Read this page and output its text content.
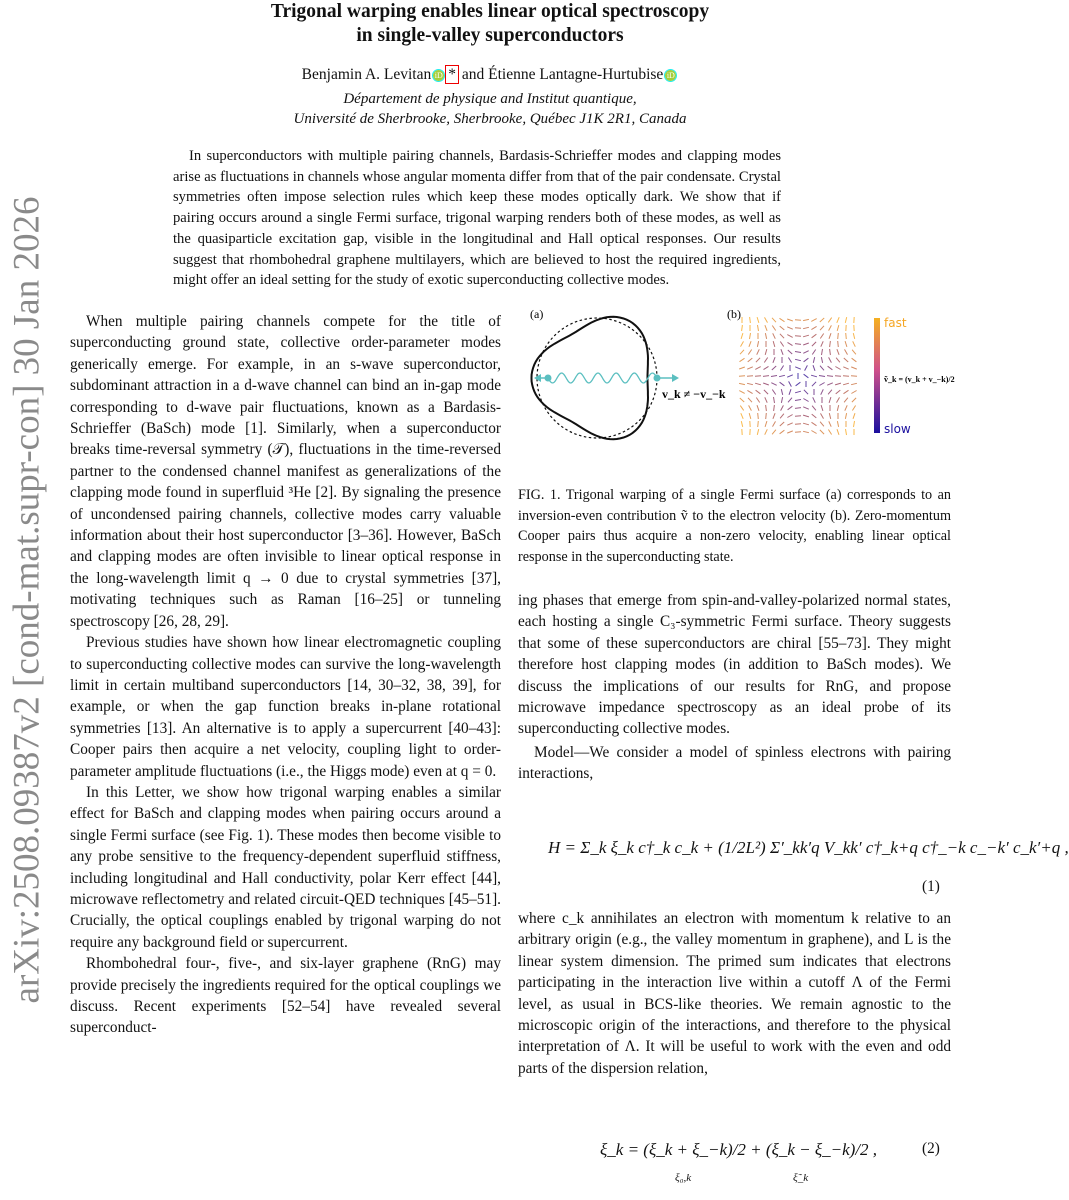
arXiv:2508.09387v2 [cond-mat.supr-con] 30 Jan 2026
Trigonal warping enables linear optical spectroscopy
in single-valley superconductors
Benjamin A. Levitan iD * and Étienne Lantagne-Hurtubise iD
Département de physique and Institut quantique,
Université de Sherbrooke, Sherbrooke, Québec J1K 2R1, Canada
In superconductors with multiple pairing channels, Bardasis-Schrieffer modes and clapping modes arise as fluctuations in channels whose angular momenta differ from that of the pair condensate. Crystal symmetries often impose selection rules which keep these modes optically dark. We show that if pairing occurs around a single Fermi surface, trigonal warping renders both of these modes, as well as the quasiparticle excitation gap, visible in the longitudinal and Hall optical responses. Our results suggest that rhombohedral graphene multilayers, which are believed to host the required ingredients, might offer an ideal setting for the study of exotic superconducting collective modes.

When multiple pairing channels compete for the title of superconducting ground state, collective order-parameter modes generically emerge. For example, in an s-wave superconductor, subdominant attraction in a d-wave channel can bind an in-gap mode corresponding to d-wave pair fluctuations, known as a Bardasis-Schrieffer (BaSch) mode [1]. Similarly, when a superconductor breaks time-reversal symmetry (𝒯), fluctuations in the time-reversed partner to the condensed channel manifest as generalizations of the clapping mode found in superfluid ³He [2]. By signaling the presence of uncondensed pairing channels, collective modes carry valuable information about their host superconductor [3–36]. However, BaSch and clapping modes are often invisible to linear optical response in the long-wavelength limit q → 0 due to crystal symmetries [37], motivating techniques such as Raman [16–25] or tunneling spectroscopy [26, 28, 29].

Previous studies have shown how linear electromagnetic coupling to superconducting collective modes can survive the long-wavelength limit in certain multiband superconductors [14, 30–32, 38, 39], for example, or when the gap function breaks in-plane rotational symmetries [13]. An alternative is to apply a supercurrent [40–43]: Cooper pairs then acquire a net velocity, coupling light to order-parameter amplitude fluctuations (i.e., the Higgs mode) even at q = 0.

In this Letter, we show how trigonal warping enables a similar effect for BaSch and clapping modes when pairing occurs around a single Fermi surface (see Fig. 1). These modes then become visible to any probe sensitive to the frequency-dependent superfluid stiffness, including longitudinal and Hall conductivity, polar Kerr effect [44], microwave reflectometry and related circuit-QED techniques [45–51]. Crucially, the optical couplings enabled by trigonal warping do not require any background field or supercurrent.

Rhombohedral four-, five-, and six-layer graphene (RnG) may provide precisely the ingredients required for the optical couplings we discuss. Recent experiments [52–54] have revealed several superconduct-

(a)
v_k ≠ −v_−k
(b)
fast
slow
ṽ_k = (v_k + v_−k)/2
FIG. 1. Trigonal warping of a single Fermi surface (a) corresponds to an inversion-even contribution ṽ to the electron velocity (b). Zero-momentum Cooper pairs thus acquire a non-zero velocity, enabling linear optical response in the superconducting state.

ing phases that emerge from spin-and-valley-polarized normal states, each hosting a single C₃-symmetric Fermi surface. Theory suggests that some of these superconductors are chiral [55–73]. They might therefore host clapping modes (in addition to BaSch modes). We discuss the implications of our results for RnG, and propose microwave impedance spectroscopy as an ideal probe of its superconducting collective modes.

Model—We consider a model of spinless electrons with pairing interactions,

H = Σ_k ξ_k c†_k c_k + (1/2L²) Σ′_kk′q V_kk′ c†_k+q c†_−k c_−k′ c_k′+q ,
(1)

where c_k annihilates an electron with momentum k relative to an arbitrary origin (e.g., the valley momentum in graphene), and L is the linear system dimension. The primed sum indicates that electrons participating in the interaction live within a cutoff Λ of the Fermi level, as usual in BCS-like theories. We remain agnostic to the microscopic origin of the interactions, and therefore to the physical interpretation of Λ. It will be useful to work with the even and odd parts of the dispersion relation,

ξ_k = (ξ_k + ξ_−k)/2 + (ξ_k − ξ_−k)/2 ,
ξ₀,k	ξ̃_k
(2)
